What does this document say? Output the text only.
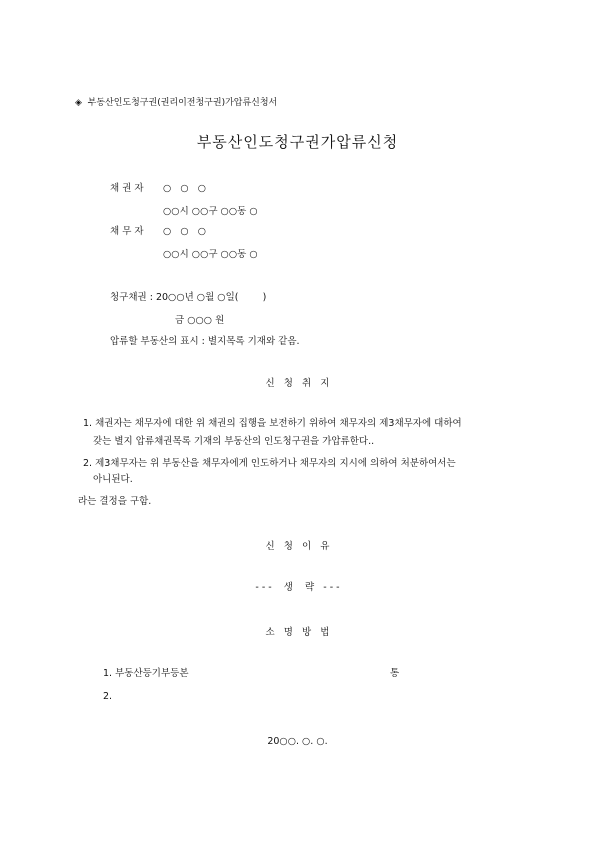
◈  부동산인도청구권(권리이전청구권)가압류신청서
부동산인도청구권가압류신청
채 권 자 ○   ○   ○
○○시 ○○구 ○○동 ○
채 무 자 ○   ○   ○
○○시 ○○구 ○○동 ○
청구채권 : 20○○년 ○월 ○일(        )
금 ○○○ 원
압류할 부동산의 표시 : 별지목록 기재와 같음.
신   청   취   지
1. 채권자는 채무자에 대한 위 채권의 집행을 보전하기 위하여 채무자의 제3채무자에 대하여
갖는 별지 압류채권목록 기재의 부동산의 인도청구권을 가압류한다..
2. 제3채무자는 위 부동산을 채무자에게 인도하거나 채무자의 지시에 의하여 처분하여서는
아니된다.
라는 결정을 구함.
신   청   이   유
- - -    생    략   - - -
소   명   방   법
1. 부동산등기부등본	통
2.
20○○. ○. ○.
